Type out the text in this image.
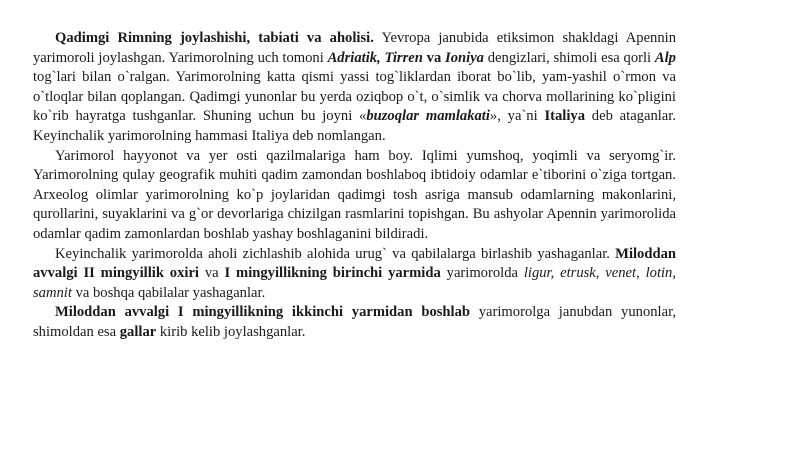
Qadimgi Rimning joylashishi, tabiati va aholisi. Yevropa janubida etiksimon shakldagi Apennin yarimoroli joylashgan. Yarimorolning uch tomoni Adriatik, Tirren va Ioniya dengizlari, shimoli esa qorli Alp tog`lari bilan o`ralgan. Yarimorolning katta qismi yassi tog`liklardan iborat bo`lib, yam-yashil o`rmon va o`tloqlar bilan qoplangan. Qadimgi yunonlar bu yerda oziqbop o`t, o`simlik va chorva mollarining ko`pligini ko`rib hayratga tushganlar. Shuning uchun bu joyni «buzoqlar mamlakati», ya`ni Italiya deb ataganlar. Keyinchalik yarimorolning hammasi Italiya deb nomlangan.

Yarimorol hayyonot va yer osti qazilmalariga ham boy. Iqlimi yumshoq, yoqimli va seryomg`ir. Yarimorolning qulay geografik muhiti qadim zamondan boshlaboq ibtidoiy odamlar e`tiborini o`ziga tortgan. Arxeolog olimlar yarimorolning ko`p joylaridan qadimgi tosh asriga mansub odamlarning makonlarini, qurollarini, suyaklarini va g`or devorlariga chizilgan rasmlarini topishgan. Bu ashyolar Apennin yarimorolida odamlar qadim zamonlardan boshlab yashay boshlaganini bildiradi.

Keyinchalik yarimorolda aholi zichlashib alohida urug` va qabilalarga birlashib yashaganlar. Miloddan avvalgi II mingyillik oxiri va I mingyillikning birinchi yarmida yarimorolda ligur, etrusk, venet, lotin, samnit va boshqa qabilalar yashaganlar.

Miloddan avvalgi I mingyillikning ikkinchi yarmidan boshlab yarimorolga janubdan yunonlar, shimoldan esa gallar kirib kelib joylashganlar.
